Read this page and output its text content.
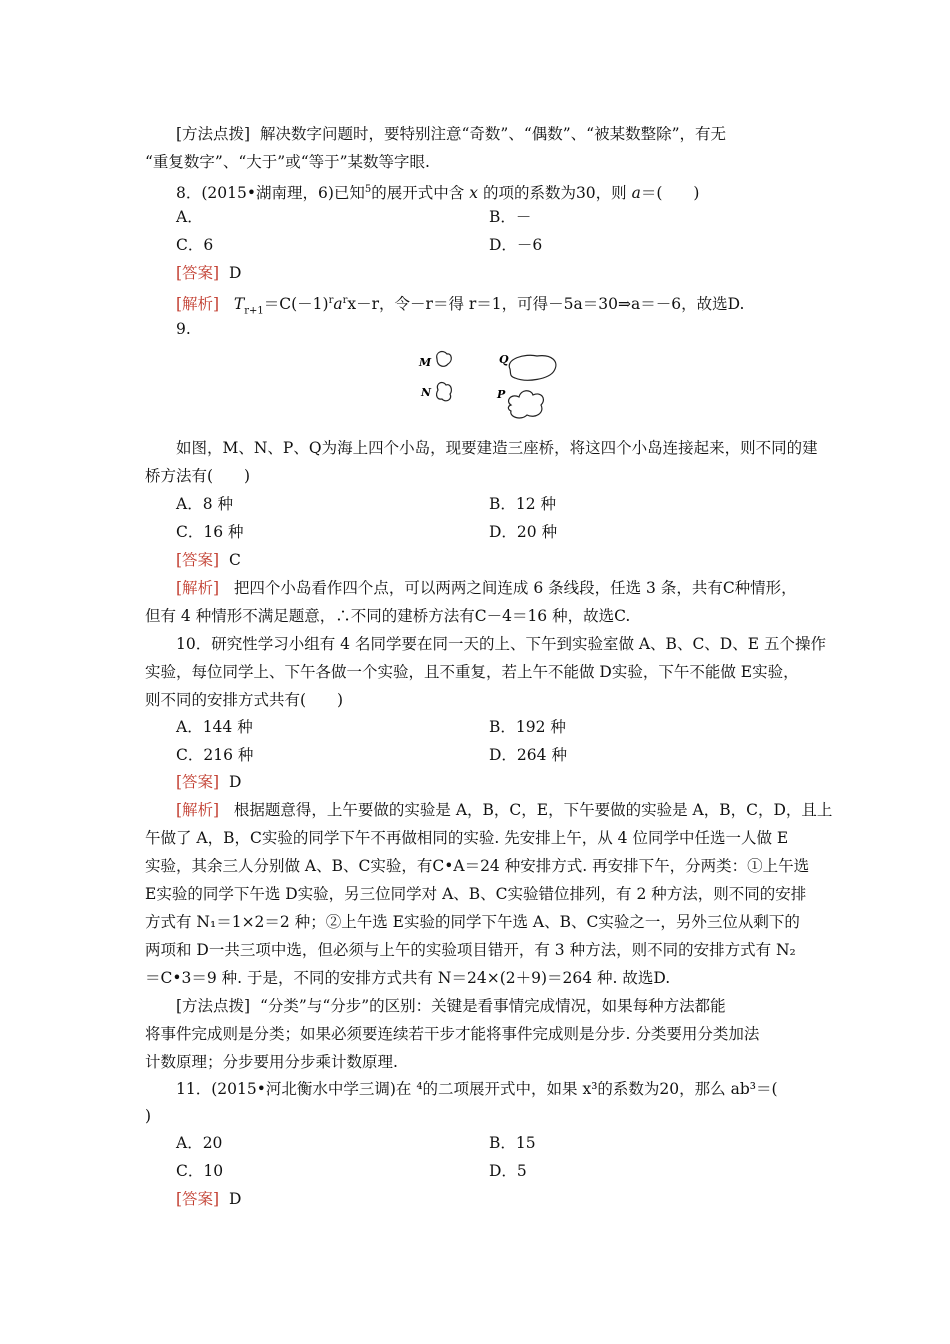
[方法点拨] 解决数字问题时，要特别注意“奇数”、“偶数”、“被某数整除”，有无
“重复数字”、“大于”或“等于”某数等字眼.
8．(2015•湖南理，6)已知$^5$的展开式中含 x 的项的系数为30，则 a＝(　　)
A．	B．－
C．6	D．－6
[答案] D
[解析] $T_{r+1}=C(-1)^ra^rx-r$，令－r＝得 r＝1，可得－5a＝30⇒a＝－6，故选D.
9.
M	Q
N	P
如图，M、N、P、Q为海上四个小岛，现要建造三座桥，将这四个小岛连接起来，则不同的建
桥方法有(　　)
A．8 种	B．12 种
C．16 种	D．20 种
[答案] C
[解析] 把四个小岛看作四个点，可以两两之间连成 6 条线段，任选 3 条，共有C种情形，
但有 4 种情形不满足题意，∴不同的建桥方法有C－4＝16 种，故选C.
10．研究性学习小组有 4 名同学要在同一天的上、下午到实验室做 A、B、C、D、E 五个操作
实验，每位同学上、下午各做一个实验，且不重复，若上午不能做 D实验，下午不能做 E实验，
则不同的安排方式共有(　　)
A．144 种	B．192 种
C．216 种	D．264 种
[答案] D
[解析] 根据题意得，上午要做的实验是 A，B，C，E，下午要做的实验是 A，B，C，D，且上
午做了 A，B，C实验的同学下午不再做相同的实验. 先安排上午，从 4 位同学中任选一人做 E
实验，其余三人分别做 A、B、C实验，有C•A＝24 种安排方式. 再安排下午，分两类：①上午选
E实验的同学下午选 D实验，另三位同学对 A、B、C实验错位排列，有 2 种方法，则不同的安排
方式有 N₁＝1×2＝2 种；②上午选 E实验的同学下午选 A、B、C实验之一，另外三位从剩下的
两项和 D一共三项中选，但必须与上午的实验项目错开，有 3 种方法，则不同的安排方式有 N₂
＝C•3＝9 种. 于是，不同的安排方式共有 N＝24×(2＋9)＝264 种. 故选D.
[方法点拨] “分类”与“分步”的区别：关键是看事情完成情况，如果每种方法都能
将事件完成则是分类；如果必须要连续若干步才能将事件完成则是分步. 分类要用分类加法
计数原理；分步要用分步乘计数原理.
11．(2015•河北衡水中学三调)在 ⁴的二项展开式中，如果 x³的系数为20，那么 ab³＝(
)
A．20	B．15
C．10	D．5
[答案] D
